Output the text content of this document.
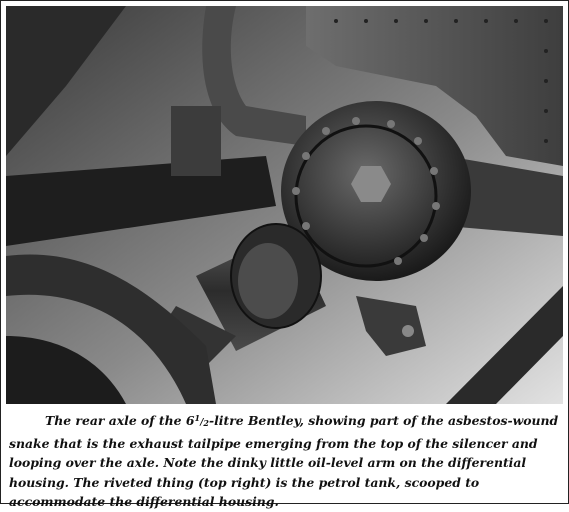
The rear axle of the $6^1/_2$-litre Bentley, showing part of the asbestos-wound snake that is the exhaust tailpipe emerging from the top of the silencer and looping over the axle. Note the dinky little oil-level arm on the differential housing. The riveted thing (top right) is the petrol tank, scooped to accommodate the differential housing.
